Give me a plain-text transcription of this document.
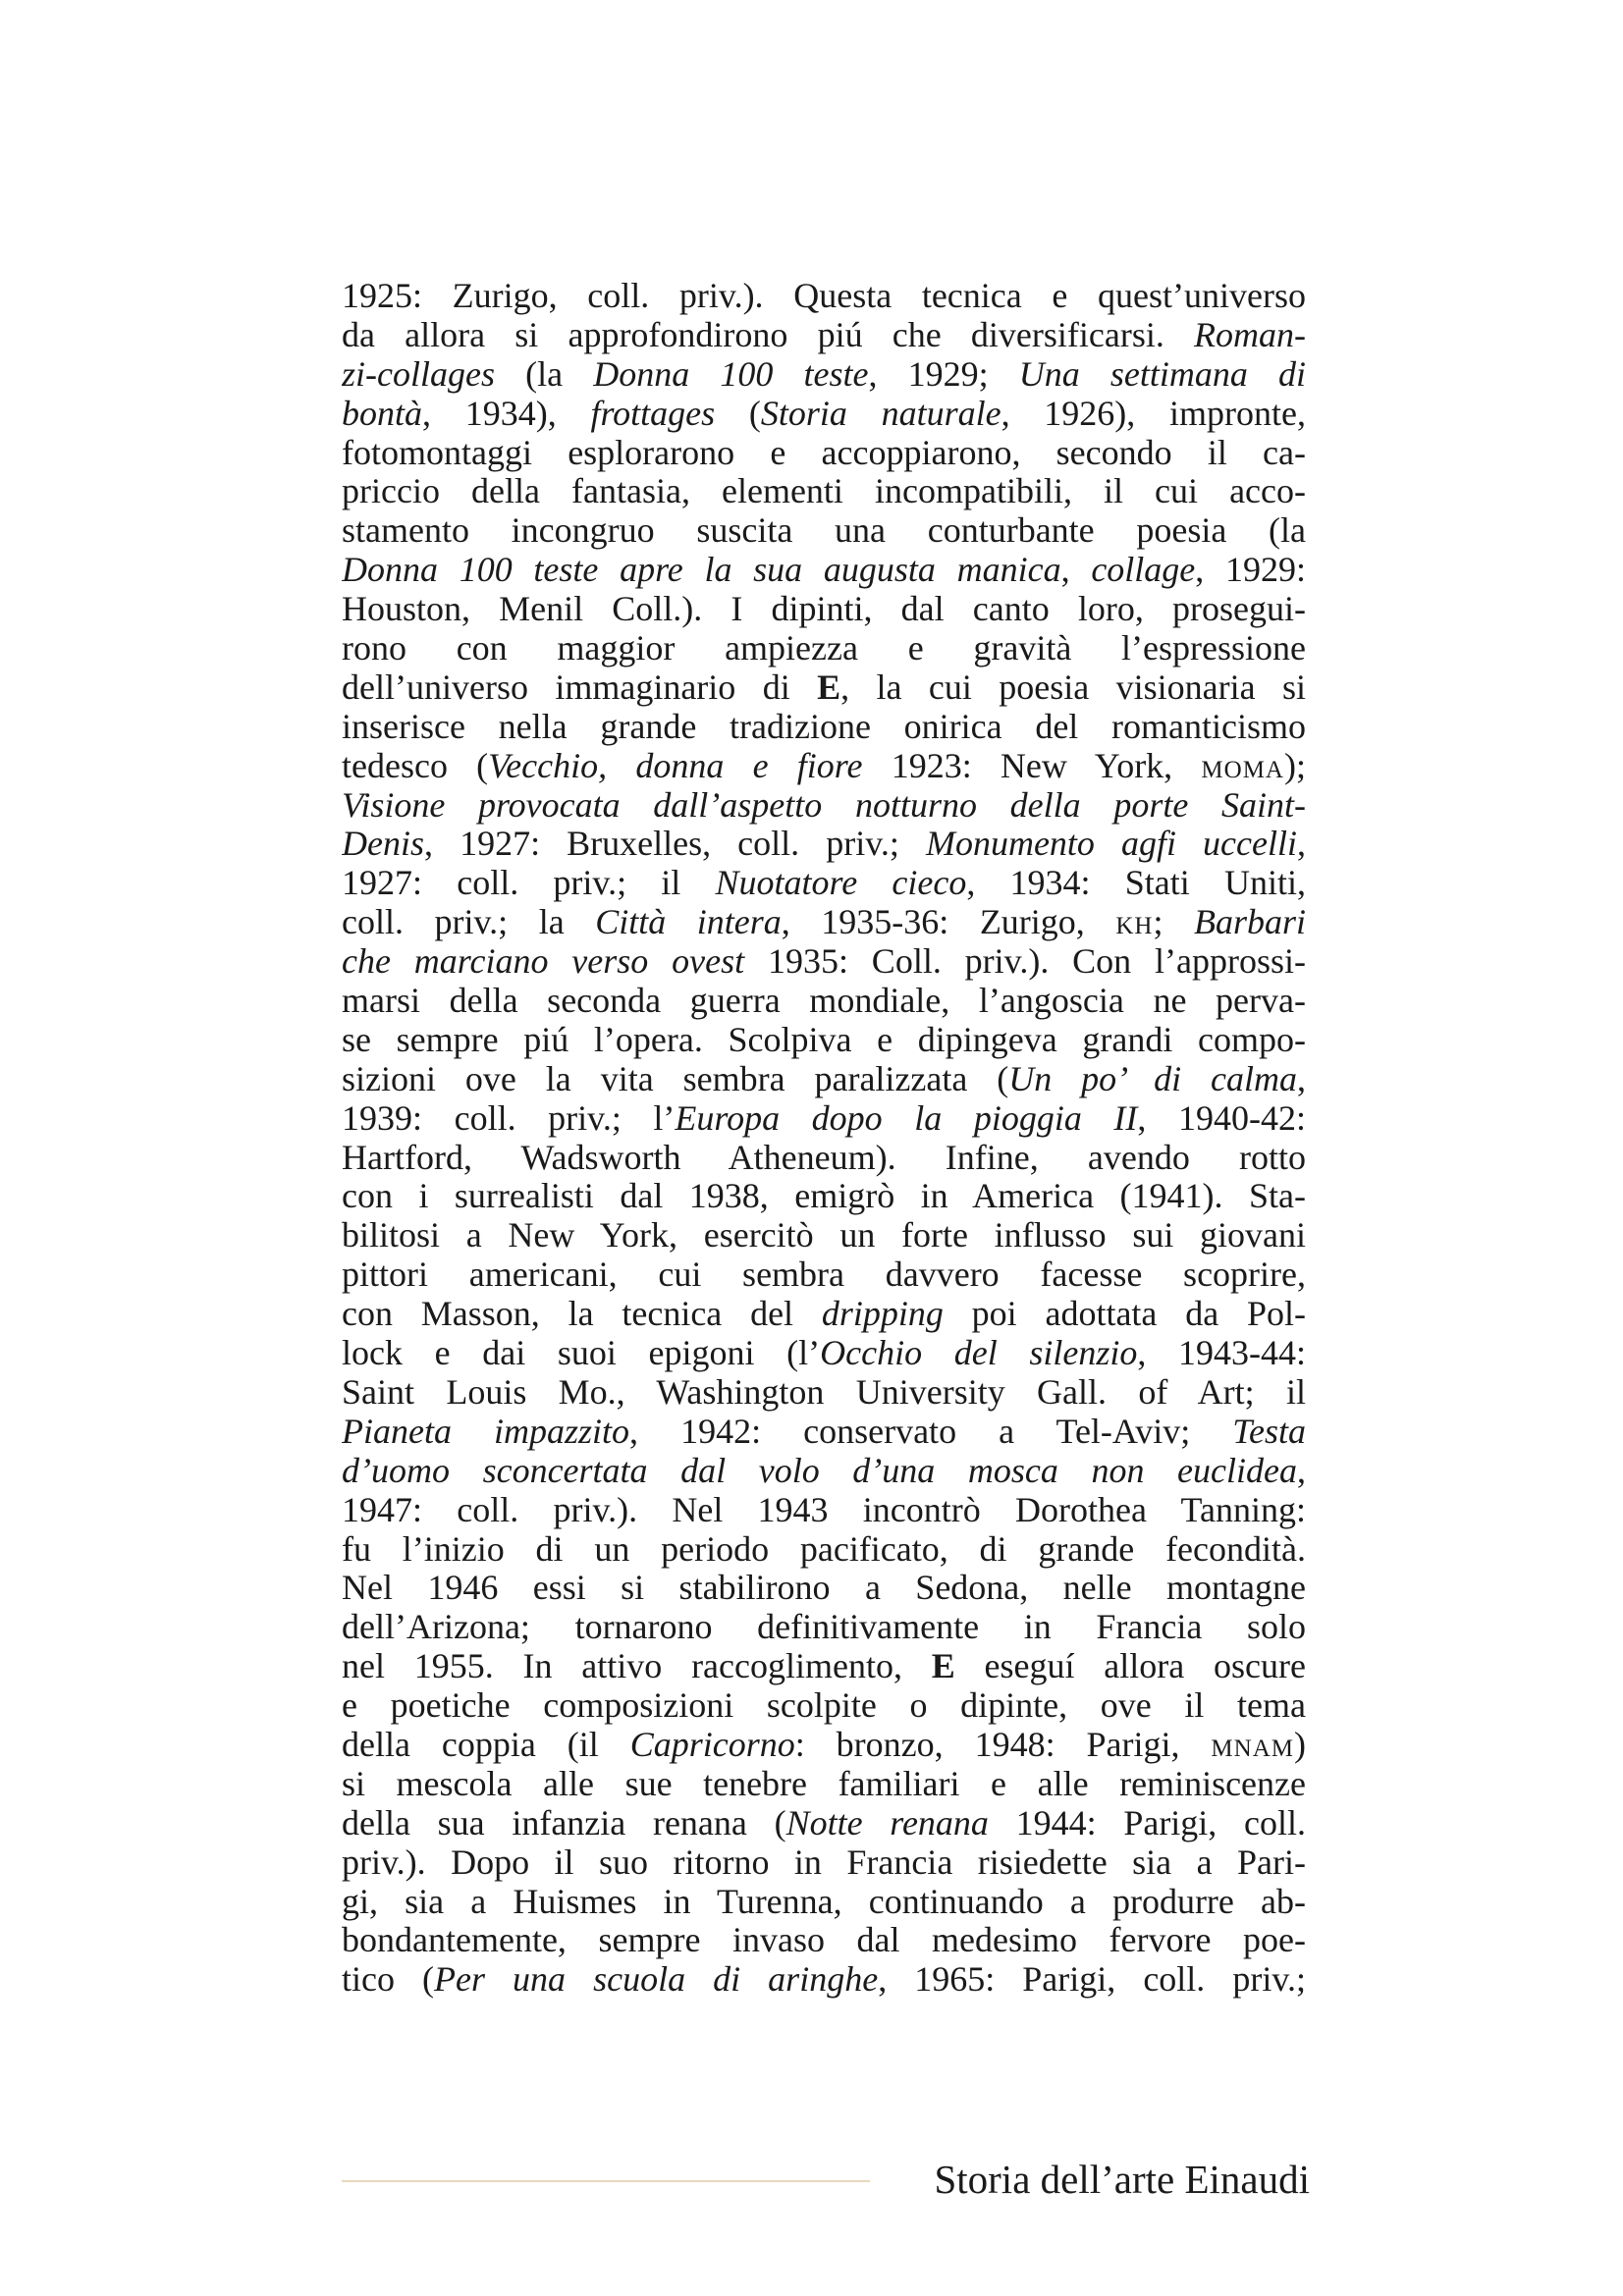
1925: Zurigo, coll. priv.). Questa tecnica e quest’universo
da allora si approfondirono piú che diversificarsi. Roman-
zi-collages (la Donna 100 teste, 1929; Una settimana di
bontà, 1934), frottages (Storia naturale, 1926), impronte,
fotomontaggi esplorarono e accoppiarono, secondo il ca-
priccio della fantasia, elementi incompatibili, il cui acco-
stamento incongruo suscita una conturbante poesia (la
Donna 100 teste apre la sua augusta manica, collage, 1929:
Houston, Menil Coll.). I dipinti, dal canto loro, prosegui-
rono con maggior ampiezza e gravità l’espressione
dell’universo immaginario di E, la cui poesia visionaria si
inserisce nella grande tradizione onirica del romanticismo
tedesco (Vecchio, donna e fiore 1923: New York, moma);
Visione provocata dall’aspetto notturno della porte Saint-
Denis, 1927: Bruxelles, coll. priv.; Monumento agfi uccelli,
1927: coll. priv.; il Nuotatore cieco, 1934: Stati Uniti,
coll. priv.; la Città intera, 1935-36: Zurigo, kh; Barbari
che marciano verso ovest 1935: Coll. priv.). Con l’approssi-
marsi della seconda guerra mondiale, l’angoscia ne perva-
se sempre piú l’opera. Scolpiva e dipingeva grandi compo-
sizioni ove la vita sembra paralizzata (Un po’ di calma,
1939: coll. priv.; l’Europa dopo la pioggia II, 1940-42:
Hartford, Wadsworth Atheneum). Infine, avendo rotto
con i surrealisti dal 1938, emigrò in America (1941). Sta-
bilitosi a New York, esercitò un forte influsso sui giovani
pittori americani, cui sembra davvero facesse scoprire,
con Masson, la tecnica del dripping poi adottata da Pol-
lock e dai suoi epigoni (l’Occhio del silenzio, 1943-44:
Saint Louis Mo., Washington University Gall. of Art; il
Pianeta impazzito, 1942: conservato a Tel-Aviv; Testa
d’uomo sconcertata dal volo d’una mosca non euclidea,
1947: coll. priv.). Nel 1943 incontrò Dorothea Tanning:
fu l’inizio di un periodo pacificato, di grande fecondità.
Nel 1946 essi si stabilirono a Sedona, nelle montagne
dell’Arizona; tornarono definitivamente in Francia solo
nel 1955. In attivo raccoglimento, E eseguí allora oscure
e poetiche composizioni scolpite o dipinte, ove il tema
della coppia (il Capricorno: bronzo, 1948: Parigi, mnam)
si mescola alle sue tenebre familiari e alle reminiscenze
della sua infanzia renana (Notte renana 1944: Parigi, coll.
priv.). Dopo il suo ritorno in Francia risiedette sia a Pari-
gi, sia a Huismes in Turenna, continuando a produrre ab-
bondantemente, sempre invaso dal medesimo fervore poe-
tico (Per una scuola di aringhe, 1965: Parigi, coll. priv.;
Storia dell’arte Einaudi
